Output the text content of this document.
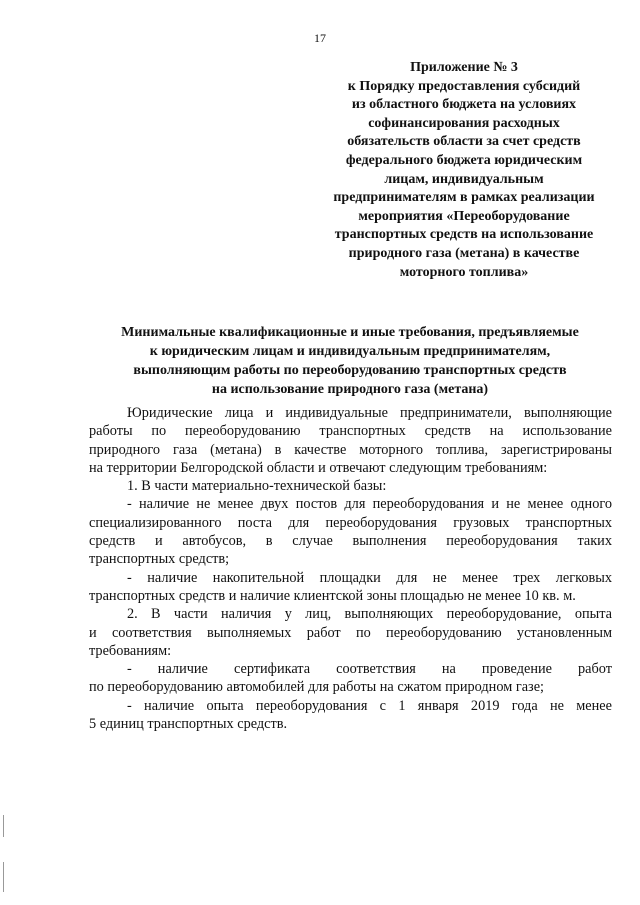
17
Приложение № 3
к Порядку предоставления субсидий
из областного бюджета на условиях
софинансирования расходных
обязательств области за счет средств
федерального бюджета юридическим
лицам, индивидуальным
предпринимателям в рамках реализации
мероприятия «Переоборудование
транспортных средств на использование
природного газа (метана) в качестве
моторного топлива»
Минимальные квалификационные и иные требования, предъявляемые
к юридическим лицам и индивидуальным предпринимателям,
выполняющим работы по переоборудованию транспортных средств
на использование природного газа (метана)

Юридические лица и индивидуальные предприниматели, выполняющие

работы по переоборудованию транспортных средств на использование

природного газа (метана) в качестве моторного топлива, зарегистрированы

на территории Белгородской области и отвечают следующим требованиям:

1. В части материально-технической базы:

- наличие не менее двух постов для переоборудования и не менее одного

специализированного поста для переоборудования грузовых транспортных

средств и автобусов, в случае выполнения переоборудования таких

транспортных средств;

- наличие накопительной площадки для не менее трех легковых

транспортных средств и наличие клиентской зоны площадью не менее 10 кв. м.

2. В части наличия у лиц, выполняющих переоборудование, опыта

и соответствия выполняемых работ по переоборудованию установленным

требованиям:

- наличие сертификата соответствия на проведение работ

по переоборудованию автомобилей для работы на сжатом природном газе;

- наличие опыта переоборудования с 1 января 2019 года не менее

5 единиц транспортных средств.
